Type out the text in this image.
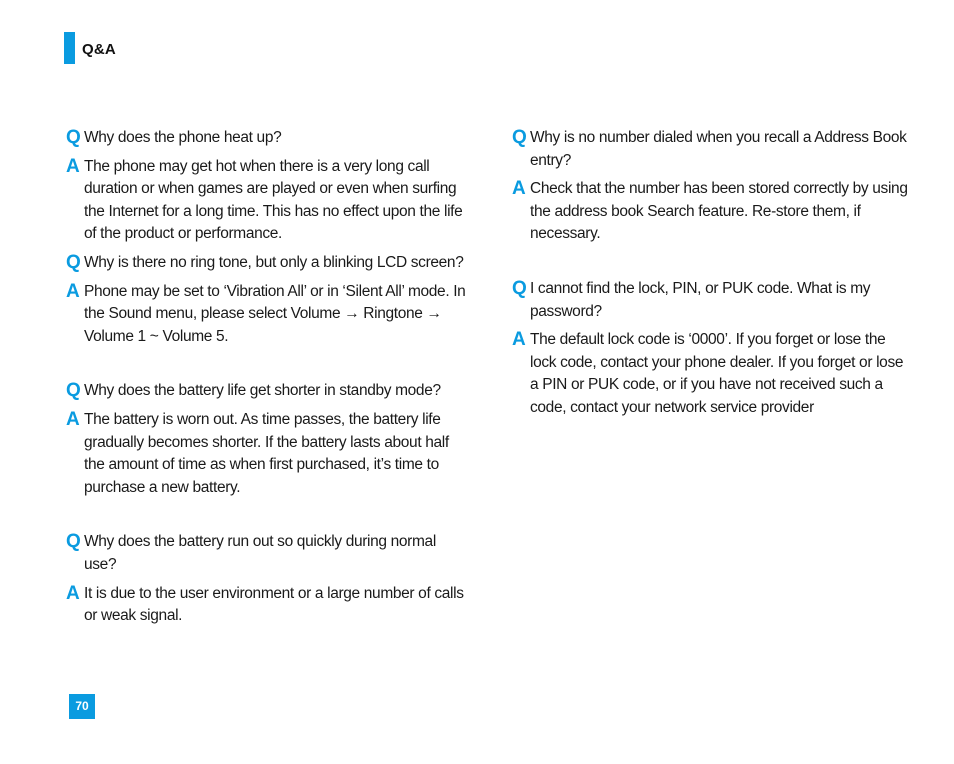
Q&A
Q Why does the phone heat up?
A The phone may get hot when there is a very long call duration or when games are played or even when surfing the Internet for a long time. This has no effect upon the life of the product or performance.
Q Why is there no ring tone, but only a blinking LCD screen?
A Phone may be set to ‘Vibration All’ or in ‘Silent All’ mode. In the Sound menu, please select Volume → Ringtone → Volume 1 ~ Volume 5.
Q Why does the battery life get shorter in standby mode?
A The battery is worn out. As time passes, the battery life gradually becomes shorter. If the battery lasts about half the amount of time as when first purchased, it’s time to purchase a new battery.
Q Why does the battery run out so quickly during normal use?
A It is due to the user environment or a large number of calls or weak signal.
Q Why is no number dialed when you recall a Address Book entry?
A Check that the number has been stored correctly by using the address book Search feature. Re-store them, if necessary.
Q I cannot find the lock, PIN, or PUK code. What is my password?
A The default lock code is ‘0000’. If you forget or lose the lock code, contact your phone dealer. If you forget or lose a PIN or PUK code, or if you have not received such a code, contact your network service provider
70
